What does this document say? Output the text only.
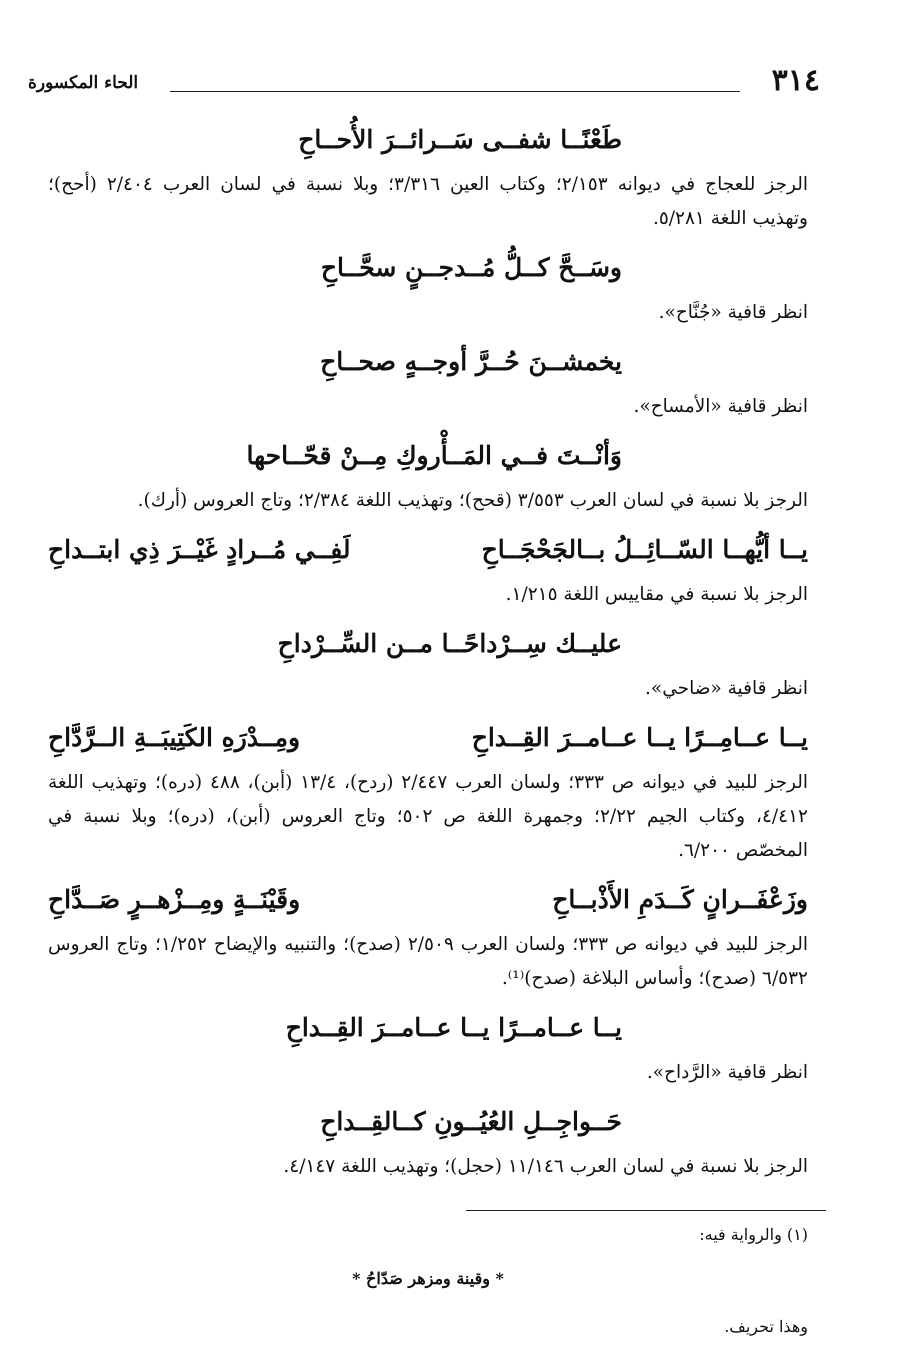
٣١٤
الحاء المكسورة
طَعْنًــا شفــى سَــرائــرَ الأُحــاحِ
الرجز للعجاج في ديوانه ٢/١٥٣؛ وكتاب العين ٣/٣١٦؛ وبلا نسبة في لسان العرب ٢/٤٠٤ (أحح)؛ وتهذيب اللغة ٥/٢٨١.
وسَــحَّ كــلُّ مُــدجــنٍ سحَّــاحِ
انظر قافية «جُنَّاح».
يخمشــنَ حُــرَّ أوجــهٍ صحــاحِ
انظر قافية «الأمساح».
وَأنْــتَ فــي المَــأْروكِ مِــنْ قحّــاحها
الرجز بلا نسبة في لسان العرب ٣/٥٥٣ (قحح)؛ وتهذيب اللغة ٢/٣٨٤؛ وتاج العروس (أرك).
يــا أيُّهــا السّــائِــلُ بــالجَحْجَــاحِ
لَفِــي مُــرادٍ غَيْــرَ ذِي ابتــداحِ
الرجز بلا نسبة في مقاييس اللغة ١/٢١٥.
عليــك سِــرْداحًــا مــن السِّــرْداحِ
انظر قافية «ضاحي».
يــا عــامِــرًا يــا عــامــرَ القِــداحِ
ومِــدْرَهِ الكَتِيبَــةِ الــرَّدَّاحِ
الرجز للبيد في ديوانه ص ٣٣٣؛ ولسان العرب ٢/٤٤٧ (ردح)، ١٣/٤ (أبن)، ٤٨٨ (دره)؛ وتهذيب اللغة ٤/٤١٢، وكتاب الجيم ٢/٢٢؛ وجمهرة اللغة ص ٥٠٢؛ وتاج العروس (أبن)، (دره)؛ وبلا نسبة في المخصّص ٦/٢٠٠.
وزَعْفَــرانٍ كَــدَمِ الأَذْبــاحِ
وقَيْنَــةٍ ومِــزْهــرٍ صَــدَّاحِ
الرجز للبيد في ديوانه ص ٣٣٣؛ ولسان العرب ٢/٥٠٩ (صدح)؛ والتنبيه والإيضاح ١/٢٥٢؛ وتاج العروس ٦/٥٣٢ (صدح)؛ وأساس البلاغة (صدح)⁽¹⁾.
يــا عــامــرًا يــا عــامــرَ القِــداحِ
انظر قافية «الرَّداح».
حَــواجِــلِ العُيُــونِ كــالقِــداحِ
الرجز بلا نسبة في لسان العرب ١١/١٤٦ (حجل)؛ وتهذيب اللغة ٤/١٤٧.
(١) والرواية فيه:
* وقينة ومزهر صَدّاحُ *
وهذا تحريف.
